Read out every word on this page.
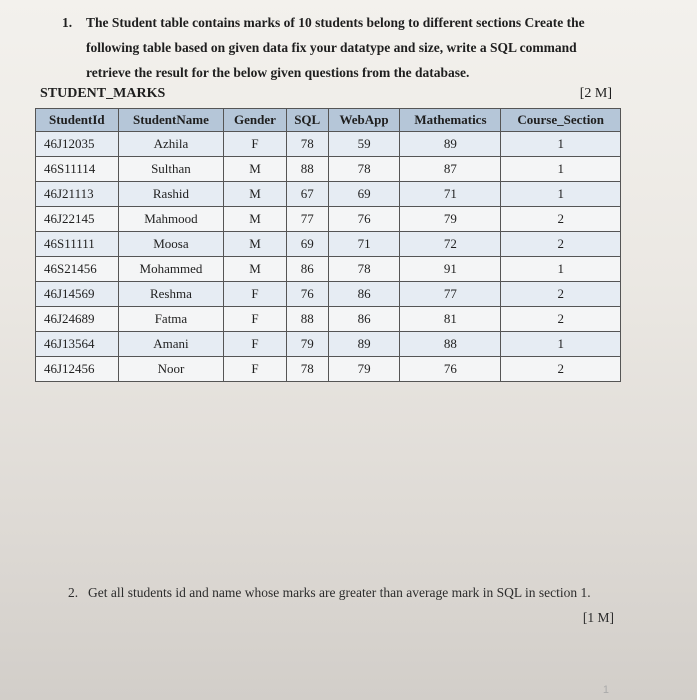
1. The Student table contains marks of 10 students belong to different sections Create the following table based on given data fix your datatype and size, write a SQL command retrieve the result for the below given questions from the database.
STUDENT_MARKS	[2 M]
StudentId	StudentName	Gender	SQL	WebApp	Mathematics	Course_Section
46J12035	Azhila	F	78	59	89	1
46S11114	Sulthan	M	88	78	87	1
46J21113	Rashid	M	67	69	71	1
46J22145	Mahmood	M	77	76	79	2
46S11111	Moosa	M	69	71	72	2
46S21456	Mohammed	M	86	78	91	1
46J14569	Reshma	F	76	86	77	2
46J24689	Fatma	F	88	86	81	2
46J13564	Amani	F	79	89	88	1
46J12456	Noor	F	78	79	76	2
2. Get all students id and name whose marks are greater than average mark in SQL in section 1.
[1 M]
1
